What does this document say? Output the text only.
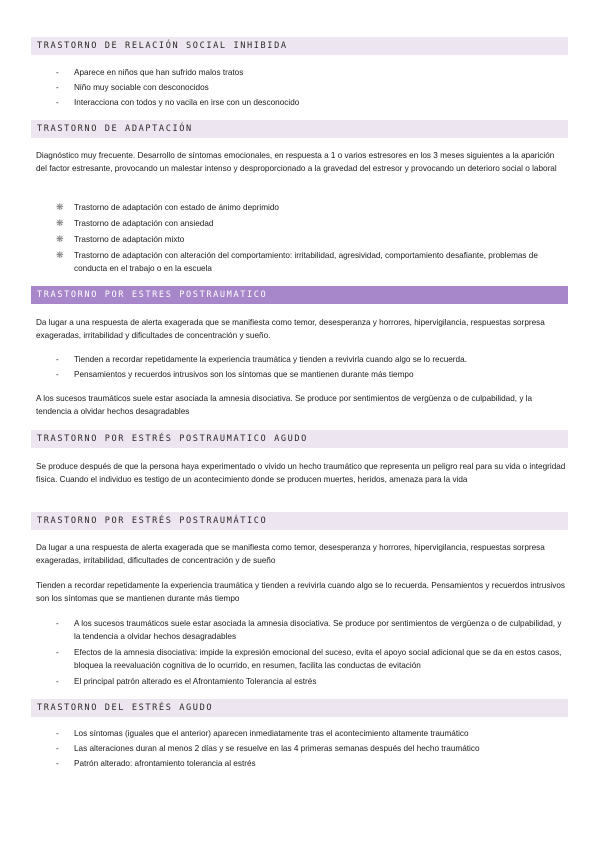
TRASTORNO DE RELACIÓN SOCIAL INHIBIDA
-	Aparece en niños que han sufrido malos tratos
-	Niño muy sociable con desconocidos
-	Interacciona con todos y no vacila en irse con un desconocido
TRASTORNO DE ADAPTACIÓN
Diagnóstico muy frecuente. Desarrollo de síntomas emocionales, en respuesta a 1 o varios estresores en los 3 meses siguientes a la aparición del factor estresante, provocando un malestar intenso y desproporcionado a la gravedad del estresor y provocando un deterioro social o laboral
❋	Trastorno de adaptación con estado de ánimo deprimido
❋	Trastorno de adaptación con ansiedad
❋	Trastorno de adaptación mixto
❋	Trastorno de adaptación con alteración del comportamiento: irritabilidad, agresividad, comportamiento desafiante, problemas de conducta en el trabajo o en la escuela
TRASTORNO POR ESTRES POSTRAUMATICO
Da lugar a una respuesta de alerta exagerada que se manifiesta como temor, desesperanza y horrores, hipervigilancia, respuestas sorpresa exageradas, irritabilidad y dificultades de concentración y sueño.
-	Tienden a recordar repetidamente la experiencia traumática y tienden a revivirla cuando algo se lo recuerda.
-	Pensamientos y recuerdos intrusivos son los síntomas que se mantienen durante más tiempo
A los sucesos traumáticos suele estar asociada la amnesia disociativa. Se produce por sentimientos de vergüenza o de culpabilidad, y la tendencia a olvidar hechos desagradables
TRASTORNO POR ESTRÉS POSTRAUMATICO AGUDO
Se produce después de que la persona haya experimentado o vivido un hecho traumático que representa un peligro real para su vida o integridad física. Cuando el individuo es testigo de un acontecimiento donde se producen muertes, heridos, amenaza para la vida
TRASTORNO POR ESTRÉS POSTRAUMÁTICO
Da lugar a una respuesta de alerta exagerada que se manifiesta como temor, desesperanza y horrores, hipervigilancia, respuestas sorpresa exageradas, irritabilidad, dificultades de concentración y de sueño
Tienden a recordar repetidamente la experiencia traumática y tienden a revivirla cuando algo se lo recuerda. Pensamientos y recuerdos intrusivos son los síntomas que se mantienen durante más tiempo
-	A los sucesos traumáticos suele estar asociada la amnesia disociativa. Se produce por sentimientos de vergüenza o de culpabilidad, y la tendencia a olvidar hechos desagradables
-	Efectos de la amnesia disociativa: impide la expresión emocional del suceso, evita el apoyo social adicional que se da en estos casos, bloquea la reevaluación cognitiva de lo ocurrido, en resumen, facilita las conductas de evitación
-	El principal patrón alterado es el Afrontamiento Tolerancia al estrés
TRASTORNO DEL ESTRÉS AGUDO
-	Los síntomas (iguales que el anterior) aparecen inmediatamente tras el acontecimiento altamente traumático
-	Las alteraciones duran al menos 2 días y se resuelve en las 4 primeras semanas después del hecho traumático
-	Patrón alterado: afrontamiento tolerancia al estrés
